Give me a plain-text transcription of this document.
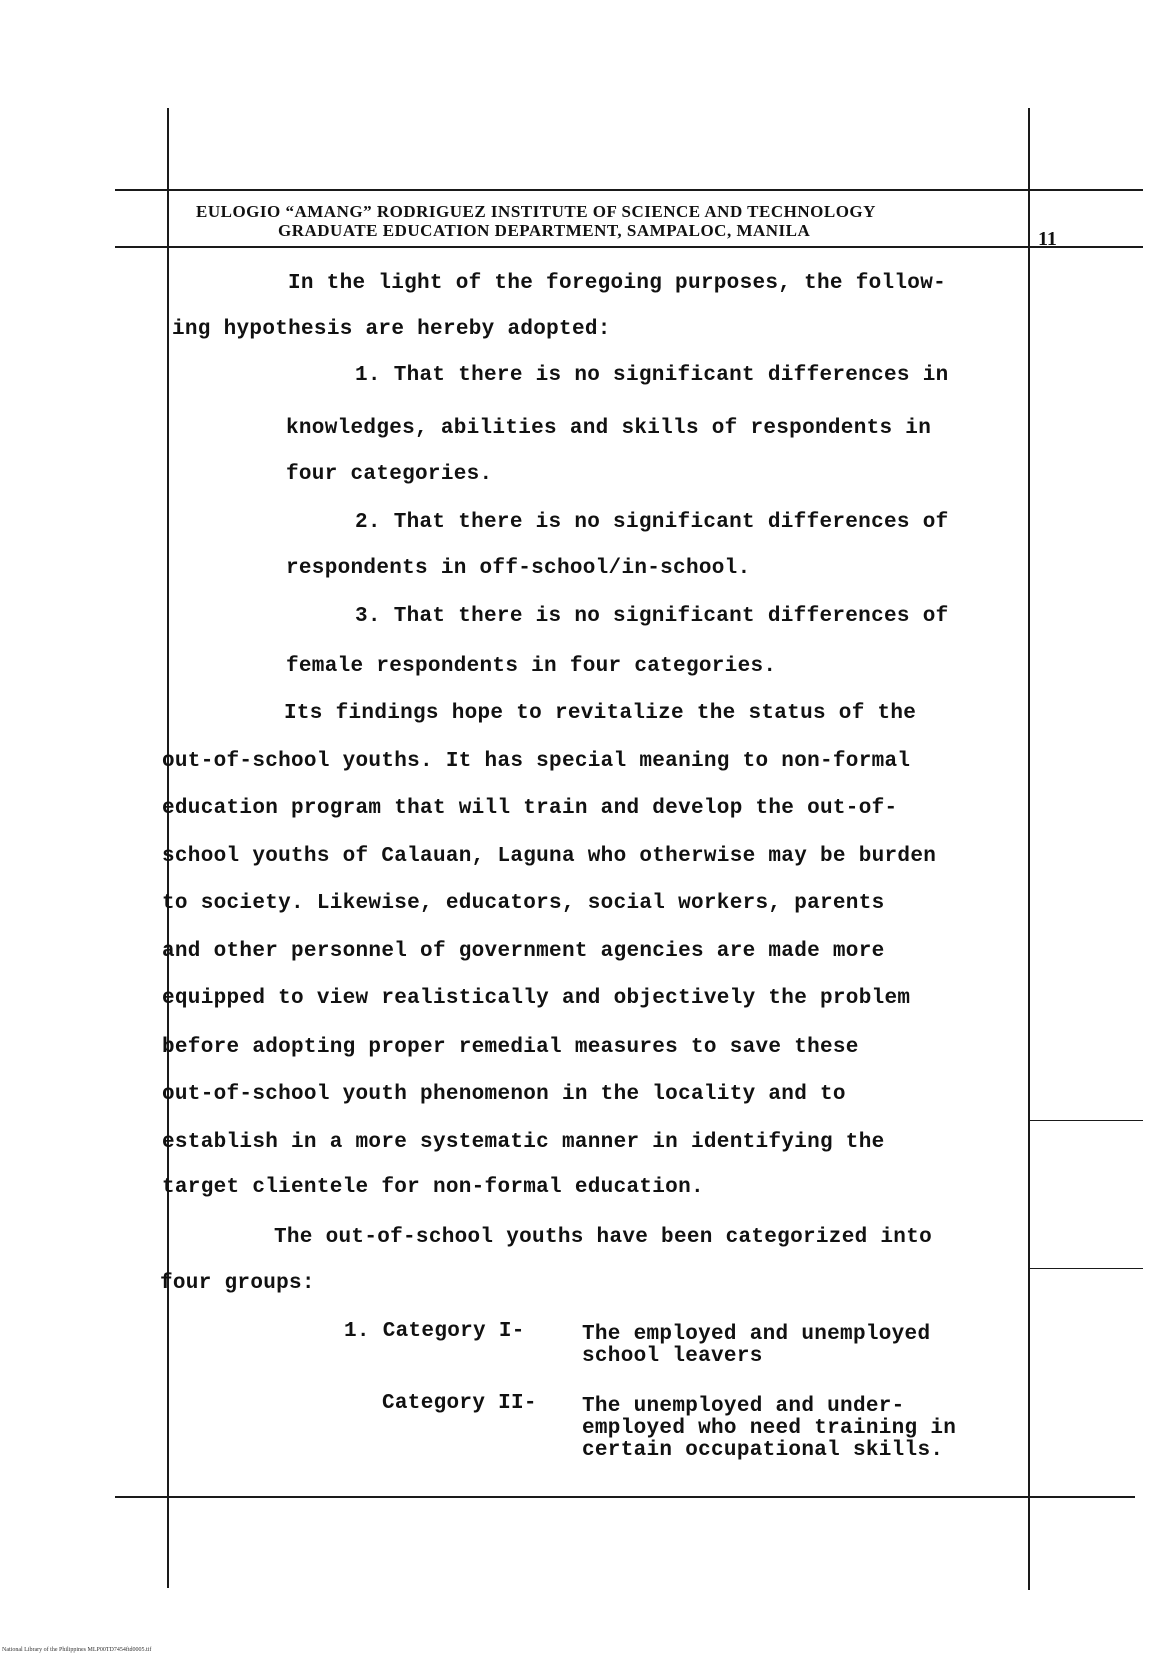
EULOGIO “AMANG” RODRIGUEZ INSTITUTE OF SCIENCE AND TECHNOLOGY
GRADUATE EDUCATION DEPARTMENT, SAMPALOC, MANILA	11
In the light of the foregoing purposes, the follow-
ing hypothesis are hereby adopted:
1. That there is no significant differences in
knowledges, abilities and skills of respondents in
four categories.
2. That there is no significant differences of
respondents in off-school/in-school.
3. That there is no significant differences of
female respondents in four categories.
Its findings hope to revitalize the status of the
out-of-school youths. It has special meaning to non-formal
education program that will train and develop the out-of-
school youths of Calauan, Laguna who otherwise may be burden
to society. Likewise, educators, social workers, parents
and other personnel of government agencies are made more
equipped to view realistically and objectively the problem
before adopting proper remedial measures to save these
out-of-school youth phenomenon in the locality and to
establish in a more systematic manner in identifying the
target clientele for non-formal education.
The out-of-school youths have been categorized into
four groups:
1. Category I-	The employed and unemployed
school leavers
Category II- The unemployed and under-
employed who need training in
certain occupational skills.
National Library of the Philippines MLP00TD7454ftd0005.tif
